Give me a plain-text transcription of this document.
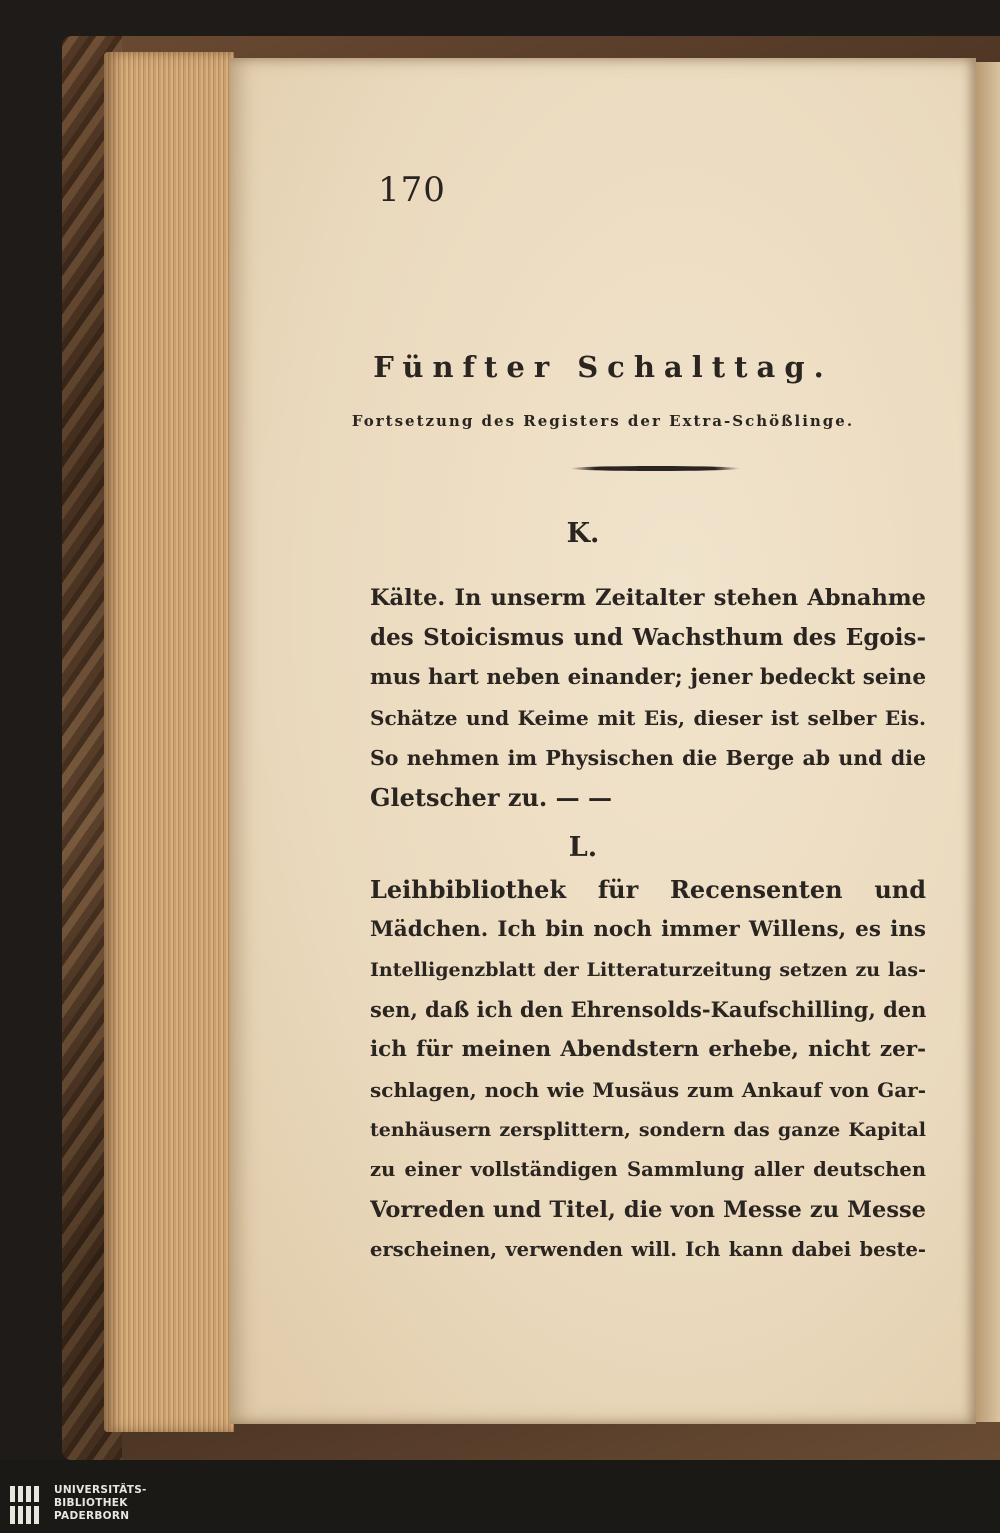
170
Fünfter Schalttag.
Fortsetzung des Registers der Extra-Schößlinge.
K.
Kälte. In unserm Zeitalter stehen Abnahme
des Stoicismus und Wachsthum des Egois-
mus hart neben einander; jener bedeckt seine
Schätze und Keime mit Eis, dieser ist selber Eis.
So nehmen im Physischen die Berge ab und die
Gletscher zu. — —
L.
Leihbibliothek für Recensenten und
Mädchen. Ich bin noch immer Willens, es ins
Intelligenzblatt der Litteraturzeitung setzen zu las-
sen, daß ich den Ehrensolds-Kaufschilling, den
ich für meinen Abendstern erhebe, nicht zer-
schlagen, noch wie Musäus zum Ankauf von Gar-
tenhäusern zersplittern, sondern das ganze Kapital
zu einer vollständigen Sammlung aller deutschen
Vorreden und Titel, die von Messe zu Messe
erscheinen, verwenden will. Ich kann dabei beste-
UNIVERSITÄTS-
BIBLIOTHEK
PADERBORN
